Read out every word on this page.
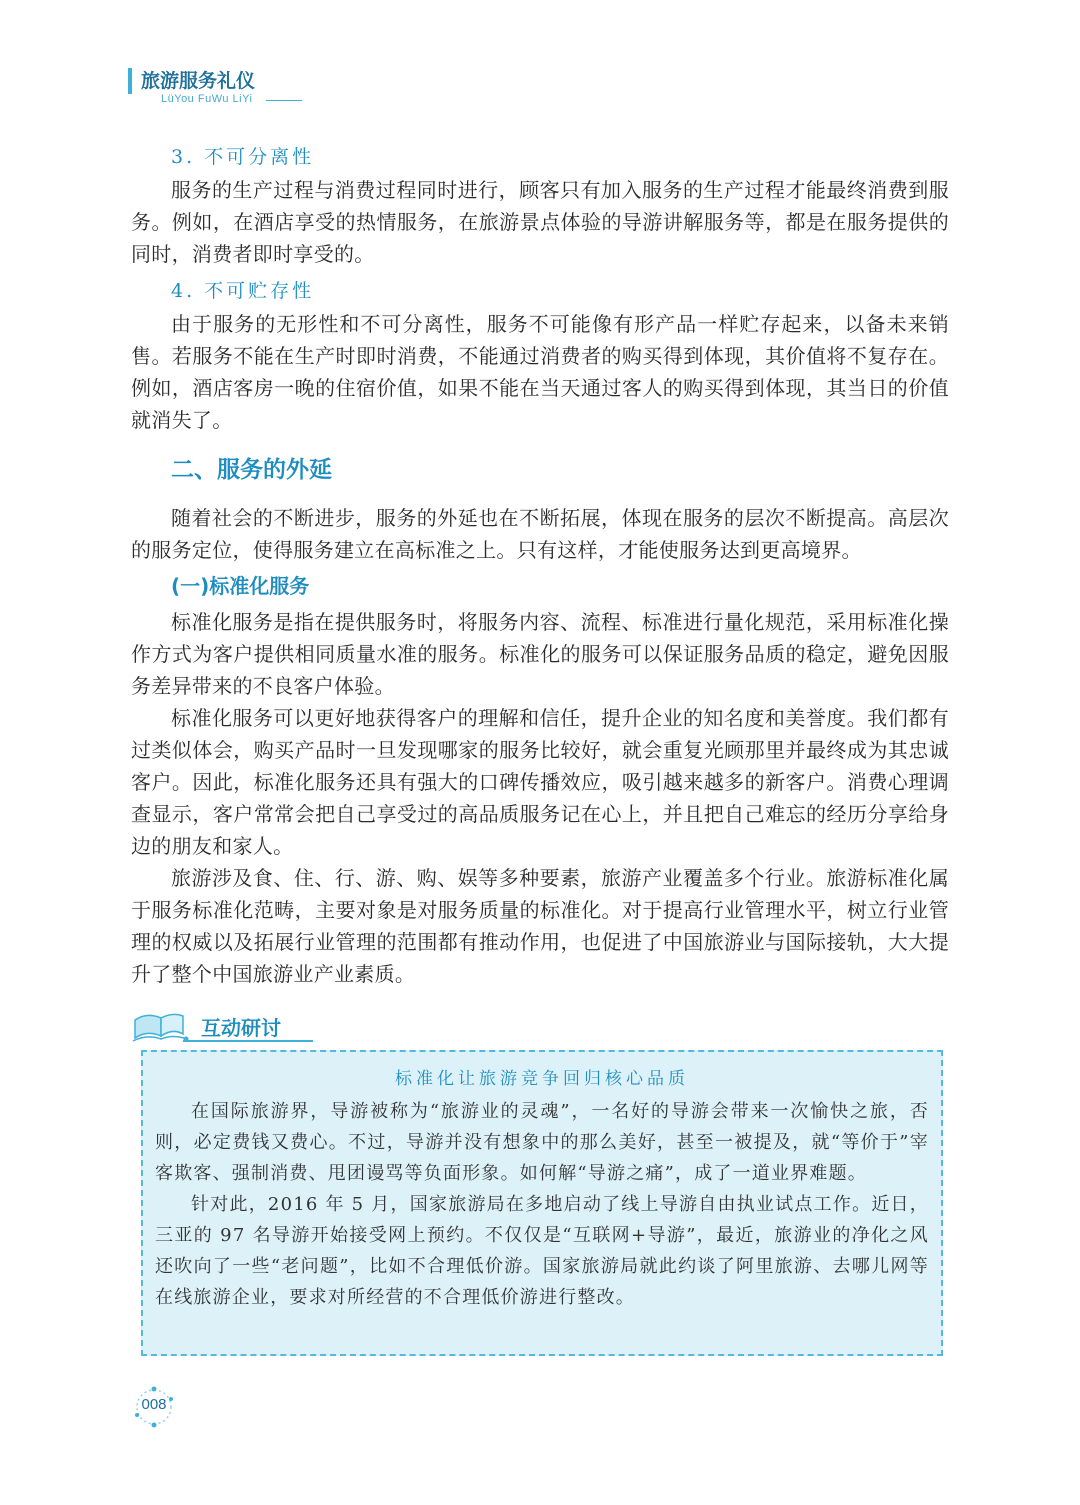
旅游服务礼仪
LüYou FuWu LiYi
3. 不可分离性

服务的生产过程与消费过程同时进行，顾客只有加入服务的生产过程才能最终消费到服务。例如，在酒店享受的热情服务，在旅游景点体验的导游讲解服务等，都是在服务提供的同时，消费者即时享受的。

4. 不可贮存性

由于服务的无形性和不可分离性，服务不可能像有形产品一样贮存起来，以备未来销售。若服务不能在生产时即时消费，不能通过消费者的购买得到体现，其价值将不复存在。例如，酒店客房一晚的住宿价值，如果不能在当天通过客人的购买得到体现，其当日的价值就消失了。

二、服务的外延

随着社会的不断进步，服务的外延也在不断拓展，体现在服务的层次不断提高。高层次的服务定位，使得服务建立在高标准之上。只有这样，才能使服务达到更高境界。

(一)标准化服务

标准化服务是指在提供服务时，将服务内容、流程、标准进行量化规范，采用标准化操作方式为客户提供相同质量水准的服务。标准化的服务可以保证服务品质的稳定，避免因服务差异带来的不良客户体验。

标准化服务可以更好地获得客户的理解和信任，提升企业的知名度和美誉度。我们都有过类似体会，购买产品时一旦发现哪家的服务比较好，就会重复光顾那里并最终成为其忠诚客户。因此，标准化服务还具有强大的口碑传播效应，吸引越来越多的新客户。消费心理调查显示，客户常常会把自己享受过的高品质服务记在心上，并且把自己难忘的经历分享给身边的朋友和家人。

旅游涉及食、住、行、游、购、娱等多种要素，旅游产业覆盖多个行业。旅游标准化属于服务标准化范畴，主要对象是对服务质量的标准化。对于提高行业管理水平，树立行业管理的权威以及拓展行业管理的范围都有推动作用，也促进了中国旅游业与国际接轨，大大提升了整个中国旅游业产业素质。

互动研讨
标准化让旅游竞争回归核心品质

在国际旅游界，导游被称为“旅游业的灵魂”，一名好的导游会带来一次愉快之旅，否则，必定费钱又费心。不过，导游并没有想象中的那么美好，甚至一被提及，就“等价于”宰客欺客、强制消费、甩团谩骂等负面形象。如何解“导游之痛”，成了一道业界难题。

针对此，2016 年 5 月，国家旅游局在多地启动了线上导游自由执业试点工作。近日，三亚的 97 名导游开始接受网上预约。不仅仅是“互联网+导游”，最近，旅游业的净化之风还吹向了一些“老问题”，比如不合理低价游。国家旅游局就此约谈了阿里旅游、去哪儿网等在线旅游企业，要求对所经营的不合理低价游进行整改。

008
